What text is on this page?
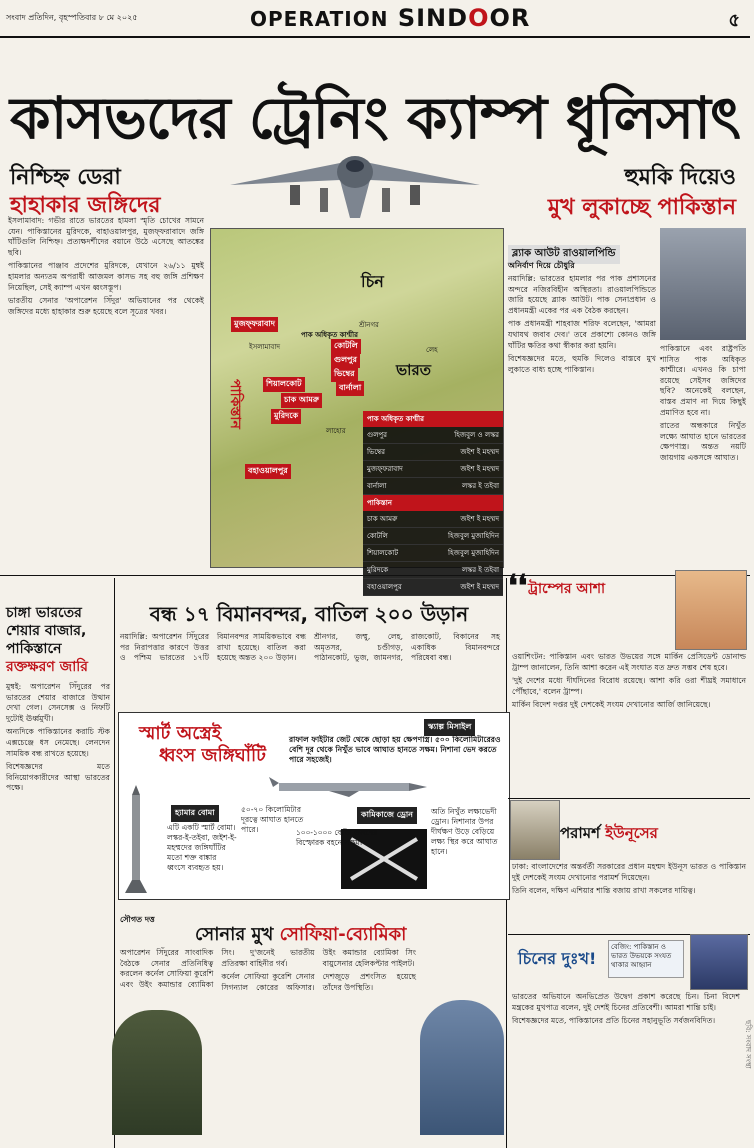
সংবাদ প্রতিদিন, বৃহস্পতিবার ৮ মে ২০২৫	OPERATION SINDOOR	৫
কাসভদের ট্রেনিং ক্যাম্প ধূলিসাৎ
নিশ্চিহ্ন ডেরা
হাহাকার জঙ্গিদের
হুমকি দিয়েও
মুখ লুকাচ্ছে পাকিস্তান

ইসলামাবাদ: গভীর রাতে ভারতের হামলা স্মৃতি চোখের সামনে যেন। পাকিস্তানের মুরিদকে, বাহাওয়ালপুর, মুজফ্‌ফরাবাদে জঙ্গি ঘাঁটিগুলি নিশ্চিহ্ন। প্রত্যক্ষদর্শীদের বয়ানে উঠে এসেছে আতঙ্কের ছবি।

পাকিস্তানের পাঞ্জাব প্রদেশের মুরিদকে, যেখানে ২৬/১১ মুম্বই হামলার অন্যতম অপরাধী আজমল কাসভ সহ বহু জঙ্গি প্রশিক্ষণ নিয়েছিল, সেই ক্যাম্প এখন ধ্বংসস্তূপ।

ভারতীয় সেনার 'অপারেশন সিঁদুর' অভিযানের পর থেকেই জঙ্গিদের মধ্যে হাহাকার শুরু হয়েছে বলে সূত্রের খবর।

চিন
ভারত
পাকিস্তান
পাক অধিকৃত কাশ্মীর
মুজফ্‌ফরাবাদ
কোটলি
গুলপুর
ভিম্বের
শিয়ালকোট
চাক আমরু
বার্নালা
মুরিদকে
বহাওয়ালপুর
ইসলামাবাদ
শ্রীনগর
লেহ
লাহোর
পাক অধিকৃত কাশ্মীর
গুলপুর	হিজবুল ও লস্কর
ভিম্বের	জইশ ই মহম্মদ
মুজফ্‌ফরাবাদ	জইশ ই মহম্মদ
বার্নালা	লস্কর ই তইবা
পাকিস্তান
চাক আমরু	জইশ ই মহম্মদ
কোটলি	হিজবুল মুজাহিদিন
শিয়ালকোট	হিজবুল মুজাহিদিন
মুরিদকে	লস্কর ই তইবা
বহাওয়ালপুর	জইশ ই মহম্মদ
ব্ল্যাক আউট রাওয়ালপিন্ডি
অনির্বাণ দিয়ে চৌধুরি

নয়াদিল্লি: ভারতের হামলার পর পাক প্রশাসনের অন্দরে নজিরবিহীন অস্থিরতা। রাওয়ালপিন্ডিতে জারি হয়েছে ব্ল্যাক আউট। পাক সেনাপ্রধান ও প্রধানমন্ত্রী একের পর এক বৈঠক করছেন।

পাক প্রধানমন্ত্রী শাহবাজ শরিফ বলেছেন, 'আমরা যথাযথ জবাব দেব।' তবে প্রকাশ্যে কোনও জঙ্গি ঘাঁটির ক্ষতির কথা স্বীকার করা হয়নি।

বিশেষজ্ঞদের মতে, হুমকি দিলেও বাস্তবে মুখ লুকাতে বাধ্য হচ্ছে পাকিস্তান।

পাকিস্তানে এবং রাষ্ট্রপতি শাসিত পাক অধিকৃত কাশ্মীরে। এখনও কি চাপা রয়েছে সেইসব জঙ্গিদের ছবি? অনেকেই বলছেন, বাস্তব প্রমাণ না দিয়ে কিছুই প্রমাণিত হবে না।

রাতের অন্ধকারে নিখুঁত লক্ষ্যে আঘাত হানে ভারতের ক্ষেপণাস্ত্র। অন্তত নয়টি জায়গায় একসঙ্গে আঘাত।

চাঙ্গা ভারতের
শেয়ার বাজার,
পাকিস্তানে
রক্তক্ষরণ জারি

মুম্বই: অপারেশন সিঁদুরের পর ভারতের শেয়ার বাজারে উত্থান দেখা গেল। সেনসেক্স ও নিফটি দুটোই ঊর্ধ্বমুখী।

অন্যদিকে পাকিস্তানের করাচি স্টক এক্সচেঞ্জে ধস নেমেছে। লেনদেন সাময়িক বন্ধ রাখতে হয়েছে।

বিশেষজ্ঞদের মতে বিনিয়োগকারীদের আস্থা ভারতের পক্ষে।

বন্ধ ১৭ বিমানবন্দর, বাতিল ২০০ উড়ান

নয়াদিল্লি: অপারেশন সিঁদুরের পর নিরাপত্তার কারণে উত্তর ও পশ্চিম ভারতের ১৭টি বিমানবন্দর সাময়িকভাবে বন্ধ রাখা হয়েছে। বাতিল করা হয়েছে অন্তত ২০০ উড়ান।

শ্রীনগর, জম্মু, লেহ, অমৃতসর, চণ্ডীগড়, পাঠানকোট, ভুজ, জামনগর, রাজকোট, বিকানের সহ একাধিক বিমানবন্দরে পরিষেবা বন্ধ।

স্মার্ট অস্ত্রেই
ধ্বংস জঙ্গিঘাঁটি
স্ক্যাল্প মিসাইল
রাফাল ফাইটার জেট থেকে ছোড়া হয় ক্ষেপণাস্ত্র। ৫০০ কিলোমিটারেরও বেশি দূর থেকে নিখুঁত ভাবে আঘাত হানতে সক্ষম। নিশানা ভেদ করতে পারে সহজেই।
হ্যামার বোমা
এটি একটি স্মার্ট বোমা। লস্কর-ই-তইবা, জইশ-ই-মহম্মদের জঙ্গিঘাঁটির মতো শক্ত বাঙ্কার ধ্বংসে ব্যবহৃত হয়।
৫০-৭০ কিলোমিটার দূরত্বে আঘাত হানতে পারে।
কামিকাজে ড্রোন	অতি নিখুঁত লক্ষ্যভেদী ড্রোন। নিশানার উপর দীর্ঘক্ষণ উড়ে বেড়িয়ে লক্ষ্য স্থির করে আঘাত হানে।
১০০-১০০০ কেজি ওজনের বিস্ফোরক বহনে সক্ষম।
সৌগত দত্ত
সোনার মুখ সোফিয়া-ব্যোমিকা

অপারেশন সিঁদুরের সাংবাদিক বৈঠকে সেনার প্রতিনিধিত্ব করলেন কর্নেল সোফিয়া কুরেশি এবং উইং কমান্ডার ব্যোমিকা সিং। দু'জনেই ভারতীয় প্রতিরক্ষা বাহিনীর গর্ব।

কর্নেল সোফিয়া কুরেশি সেনার সিগন্যাল কোরের অফিসার। উইং কমান্ডার ব্যোমিকা সিং বায়ুসেনার হেলিকপ্টার পাইলট।

দেশজুড়ে প্রশংসিত হয়েছে তাঁদের উপস্থিতি।

❛❛ ট্রাম্পের আশা

ওয়াশিংটন: পাকিস্তান এবং ভারত উভয়ের সঙ্গে মার্কিন প্রেসিডেন্ট ডোনাল্ড ট্রাম্প জানালেন, তিনি আশা করেন এই সংঘাত যত দ্রুত সম্ভব শেষ হবে।

'দুই দেশের মধ্যে দীর্ঘদিনের বিরোধ রয়েছে। আশা করি ওরা শীঘ্রই সমাধানে পৌঁছাবে,' বলেন ট্রাম্প।

মার্কিন বিদেশ দপ্তর দুই দেশকেই সংযম দেখানোর আর্জি জানিয়েছে।

পরামর্শ ইউনূসের

ঢাকা: বাংলাদেশের অন্তর্বর্তী সরকারের প্রধান মহম্মদ ইউনূস ভারত ও পাকিস্তান দুই দেশকেই সংযম দেখানোর পরামর্শ দিয়েছেন।

তিনি বলেন, দক্ষিণ এশিয়ার শান্তি বজায় রাখা সকলের দায়িত্ব।

চিনের দুঃখ!
বেজিং: পাকিস্তান ও ভারত উভয়কে সংযত থাকার আহ্বান

ভারতের অভিযানে অনভিপ্রেত উদ্বেগ প্রকাশ করেছে চিন। চিনা বিদেশ মন্ত্রকের মুখপাত্র বলেন, দুই দেশই চিনের প্রতিবেশী। আমরা শান্তি চাই।

বিশেষজ্ঞদের মতে, পাকিস্তানের প্রতি চিনের সহানুভূতি সর্বজনবিদিত।	ছবি: সংবাদ সংস্থা
